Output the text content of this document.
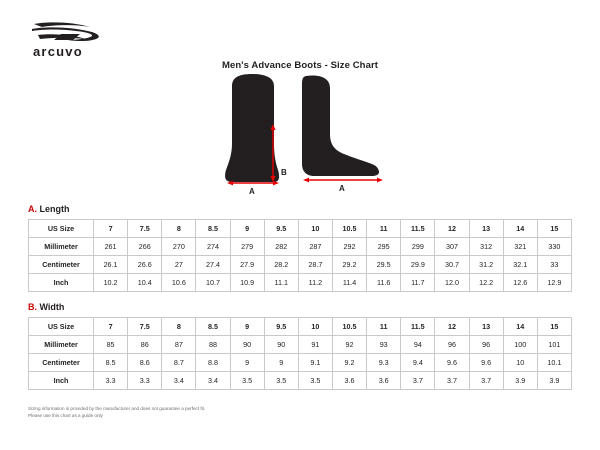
arcuvo
Men's Advance Boots - Size Chart
B
A	A
A. Length
US Size	7	7.5	8	8.5	9	9.5	10	10.5	11	11.5	12	13	14	15
Millimeter	261	266	270	274	279	282	287	292	295	299	307	312	321	330
Centimeter	26.1	26.6	27	27.4	27.9	28.2	28.7	29.2	29.5	29.9	30.7	31.2	32.1	33
Inch	10.2	10.4	10.6	10.7	10.9	11.1	11.2	11.4	11.6	11.7	12.0	12.2	12.6	12.9
B. Width
US Size	7	7.5	8	8.5	9	9.5	10	10.5	11	11.5	12	13	14	15
Millimeter	85	86	87	88	90	90	91	92	93	94	96	96	100	101
Centimeter	8.5	8.6	8.7	8.8	9	9	9.1	9.2	9.3	9.4	9.6	9.6	10	10.1
Inch	3.3	3.3	3.4	3.4	3.5	3.5	3.5	3.6	3.6	3.7	3.7	3.7	3.9	3.9
Sizing information is provided by the manufacturer and does not guarantee a perfect fit.
Please use this chart as a guide only
